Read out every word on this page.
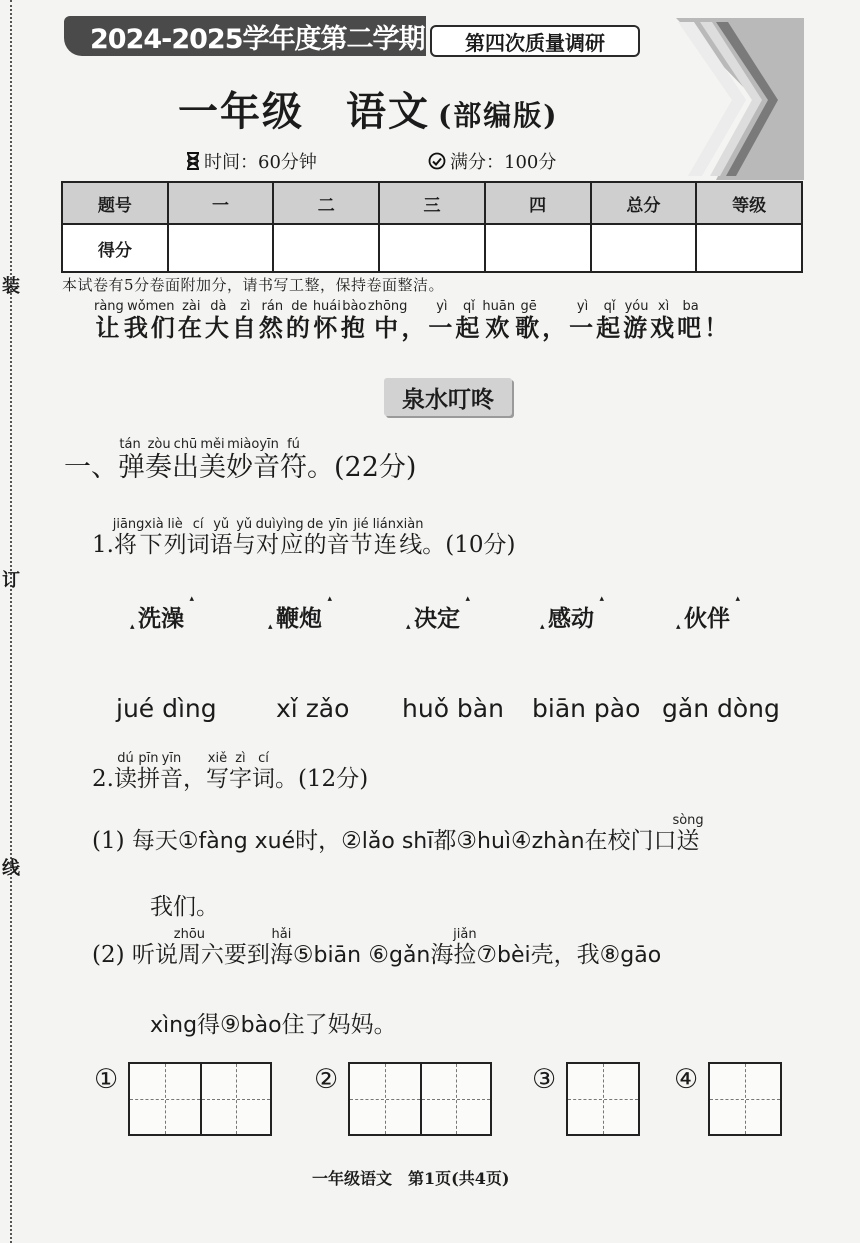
装
订
线
2024-2025学年度第二学期	第四次质量调研
一年级　语文 (部编版)
时间：60分钟	满分：100分
题号	一	二	三	四	总分	等级
得分						
本试卷有5分卷面附加分，请书写工整，保持卷面整洁。
让ràng我们wǒmen在zài大dà自zì然rán的de怀huái抱bào中zhōng，一yì起qǐ欢huān歌gē，一yì起qǐ游yóu戏xì吧ba！
泉水叮咚
一、弹奏tán zòu出chū美měi妙音miàoyīn符fú。(22分)
1.将下jiāngxià列liè词cí语yǔ与yǔ对应duìyìng的de音yīn节jié连线liánxiàn。(10分)
▴ 洗澡 ▴	▴ 鞭炮 ▴	▴ 决定 ▴	▴ 感动 ▴	▴ 伙伴 ▴
jué dìng xǐ zǎo huǒ bàn biān pào gǎn dòng
2.读dú拼pīn音yīn，写xiě字zì词cí。(12分)
(1) 每天①fàng xué时，②lǎo shī都③huì④zhàn在校门口送sòng
我们。
(2) 听说周zhōu六要到海hǎi⑤biān ⑥gǎn海捡jiǎn⑦bèi壳，我⑧gāo
xìng得⑨bào住了妈妈。
①	②	③	④
一年级语文　第1页(共4页)
